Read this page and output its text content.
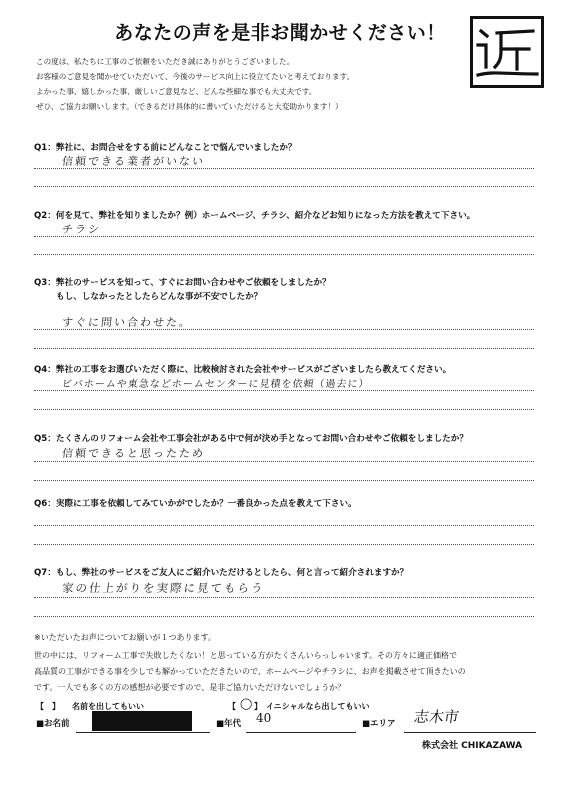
あなたの声を是非お聞かせください！
この度は、私たちに工事のご依頼をいただき誠にありがとうございました。
お客様のご意見を聞かせていただいて、今後のサービス向上に役立てたいと考えております。
よかった事、嬉しかった事、厳しいご意見など、どんな些細な事でも大丈夫です。
ぜひ、ご協力お願いします。（できるだけ具体的に書いていただけると大変助かります！）
Q1：弊社に、お問合せをする前にどんなことで悩んでいましたか？
信頼できる業者がいない
Q2：何を見て、弊社を知りましたか？例）ホームページ、チラシ、紹介などお知りになった方法を教えて下さい。
チラシ
Q3：弊社のサービスを知って、すぐにお問い合わせやご依頼をしましたか？
もし、しなかったとしたらどんな事が不安でしたか？
すぐに問い合わせた。
Q4：弊社の工事をお選びいただく際に、比較検討された会社やサービスがございましたら教えてください。
ビバホームや東急などホームセンターに見積を依頼（過去に）
Q5：たくさんのリフォーム会社や工事会社がある中で何が決め手となってお問い合わせやご依頼をしましたか？
信頼できると思ったため
Q6：実際に工事を依頼してみていかがでしたか？一番良かった点を教えて下さい。
Q7：もし、弊社のサービスをご友人にご紹介いただけるとしたら、何と言って紹介されますか？
家の仕上がりを実際に見てもらう
※いただいたお声についてお願いが１つあります。
世の中には、リフォーム工事で失敗したくない！と思っている方がたくさんいらっしゃいます。その方々に適正価格で
高品質の工事ができる事を少しでも解かっていただきたいので、ホームページやチラシに、お声を掲載させて頂きたいの
です。一人でも多くの方の感想が必要ですので、是非ご協力いただけないでしょうか？
【　】 名前を出してもいい	【 ◯ 】 イニシャルなら出してもいい
■お名前	■年代 40	■エリア 志木市
株式会社 CHIKAZAWA
